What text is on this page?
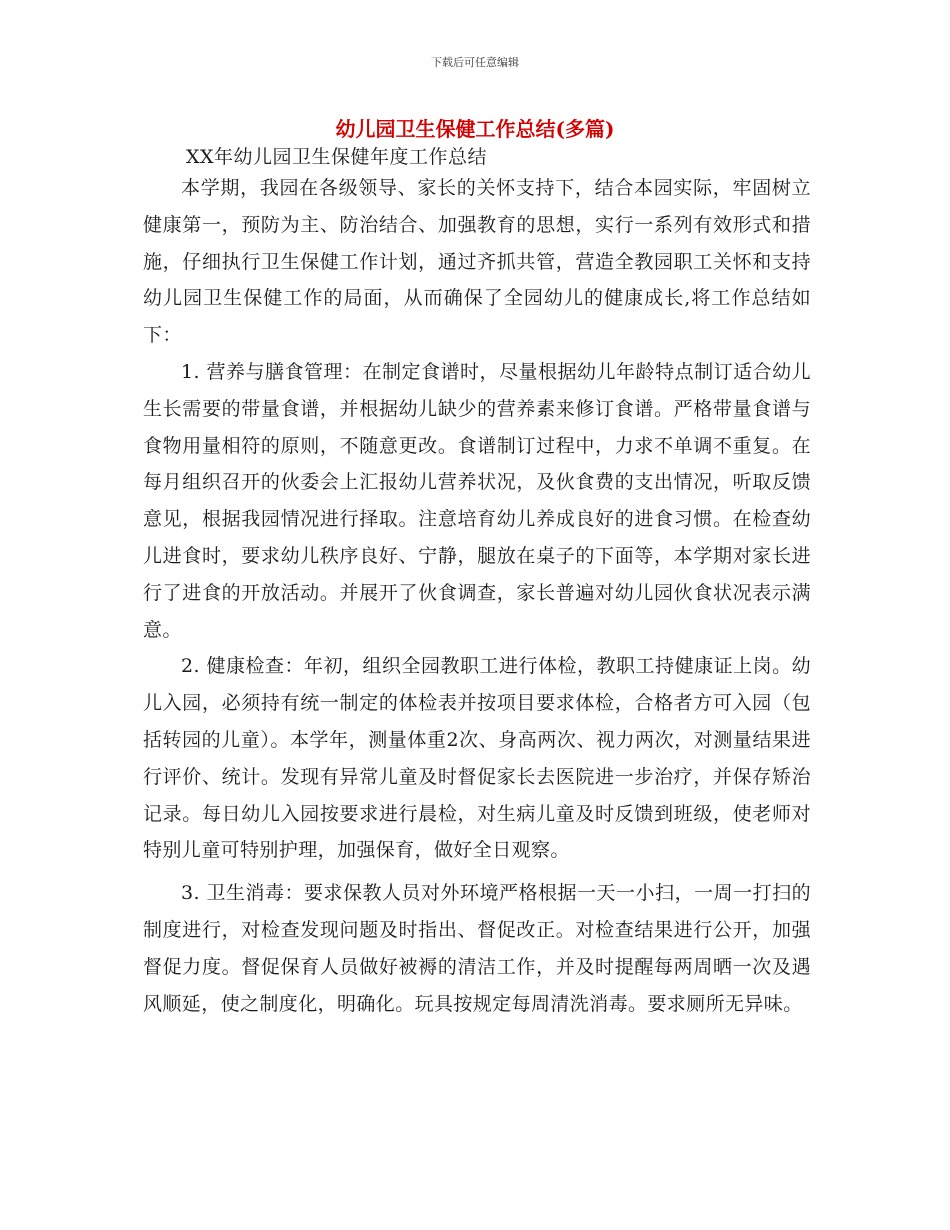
下载后可任意编辑
幼儿园卫生保健工作总结(多篇)
XX年幼儿园卫生保健年度工作总结

本学期，我园在各级领导、家长的关怀支持下，结合本园实际，牢固树立健康第一，预防为主、防治结合、加强教育的思想，实行一系列有效形式和措施，仔细执行卫生保健工作计划，通过齐抓共管，营造全教园职工关怀和支持幼儿园卫生保健工作的局面，从而确保了全园幼儿的健康成长,将工作总结如下：

1. 营养与膳食管理：在制定食谱时，尽量根据幼儿年龄特点制订适合幼儿生长需要的带量食谱，并根据幼儿缺少的营养素来修订食谱。严格带量食谱与食物用量相符的原则，不随意更改。食谱制订过程中，力求不单调不重复。在每月组织召开的伙委会上汇报幼儿营养状况，及伙食费的支出情况，听取反馈意见，根据我园情况进行择取。注意培育幼儿养成良好的进食习惯。在检查幼儿进食时，要求幼儿秩序良好、宁静，腿放在桌子的下面等，本学期对家长进行了进食的开放活动。并展开了伙食调查，家长普遍对幼儿园伙食状况表示满意。

2. 健康检查：年初，组织全园教职工进行体检，教职工持健康证上岗。幼儿入园，必须持有统一制定的体检表并按项目要求体检，合格者方可入园（包括转园的儿童）。本学年，测量体重2次、身高两次、视力两次，对测量结果进行评价、统计。发现有异常儿童及时督促家长去医院进一步治疗，并保存矫治记录。每日幼儿入园按要求进行晨检，对生病儿童及时反馈到班级，使老师对特别儿童可特别护理，加强保育，做好全日观察。

3. 卫生消毒：要求保教人员对外环境严格根据一天一小扫，一周一打扫的制度进行，对检查发现问题及时指出、督促改正。对检查结果进行公开，加强督促力度。督促保育人员做好被褥的清洁工作，并及时提醒每两周晒一次及遇风顺延，使之制度化，明确化。玩具按规定每周清洗消毒。要求厕所无异味。
